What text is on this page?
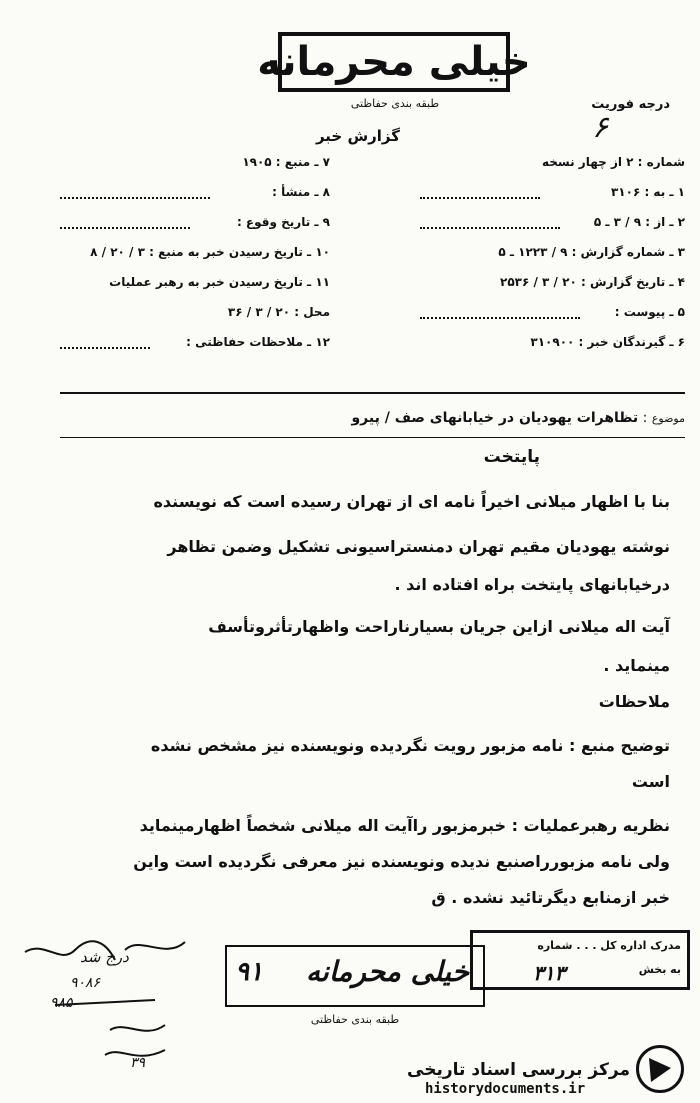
خیلی محرمانه
طبقه بندی حفاظتی	درجه فوریت
۶
گزارش خبر
شماره : ۲ از چهار نسخه
۱ ـ به : ۳۱۰۶
۲ ـ از : ۹ / ۳ ـ ۵
۳ ـ شماره گزارش : ۹ / ۱۲۲۳ ـ ۵
۴ ـ تاریخ گزارش : ۲۰ / ۳ / ۲۵۳۶
۵ ـ پیوست :
۶ ـ گیرندگان خبر : ۳۱۰۹۰۰
۷ ـ منبع : ۱۹۰۵
۸ ـ منشأ :
۹ ـ تاریخ وقوع :
۱۰ ـ تاریخ رسیدن خبر به منبع : ۳ / ۲۰ / ۸
۱۱ ـ تاریخ رسیدن خبر به رهبر عملیات
محل : ۲۰ / ۳ / ۳۶
۱۲ ـ ملاحظات حفاظتی :
موضوع : تظاهرات یهودیان در خیابانهای صف / پیرو
پایتخت
بنا با اظهار میلانی اخیراً نامه ای از تهران رسیده است که نویسنده
نوشته یهودیان مقیم تهران دمنستراسیونی تشکیل وضمن تظاهر
درخیابانهای پایتخت براه افتاده اند .
آیت اله میلانی ازاین جریان بسیارناراحت واظهارتأثروتأسف
مینماید .
ملاحظات
توضیح منبع : نامه مزبور رویت نگردیده ونویسنده نیز مشخص نشده
است
نظریه رهبرعملیات : خبرمزبور راآیت اله میلانی شخصاً اظهارمینماید
ولی نامه مزبورراصنبع ندیده ونویسنده نیز معرفی نگردیده است واین
خبر ازمنابع دیگرتائید نشده . ق
مدرک اداره کل . . . شماره
به بخش
۳۱۳
خیلی محرمانه
۹۱
طبقه بندی حفاظتی
درج شد
۹۰۸۶
۹۸۵
۳۹	مرکز بررسی اسناد تاریخی
historydocuments.ir
